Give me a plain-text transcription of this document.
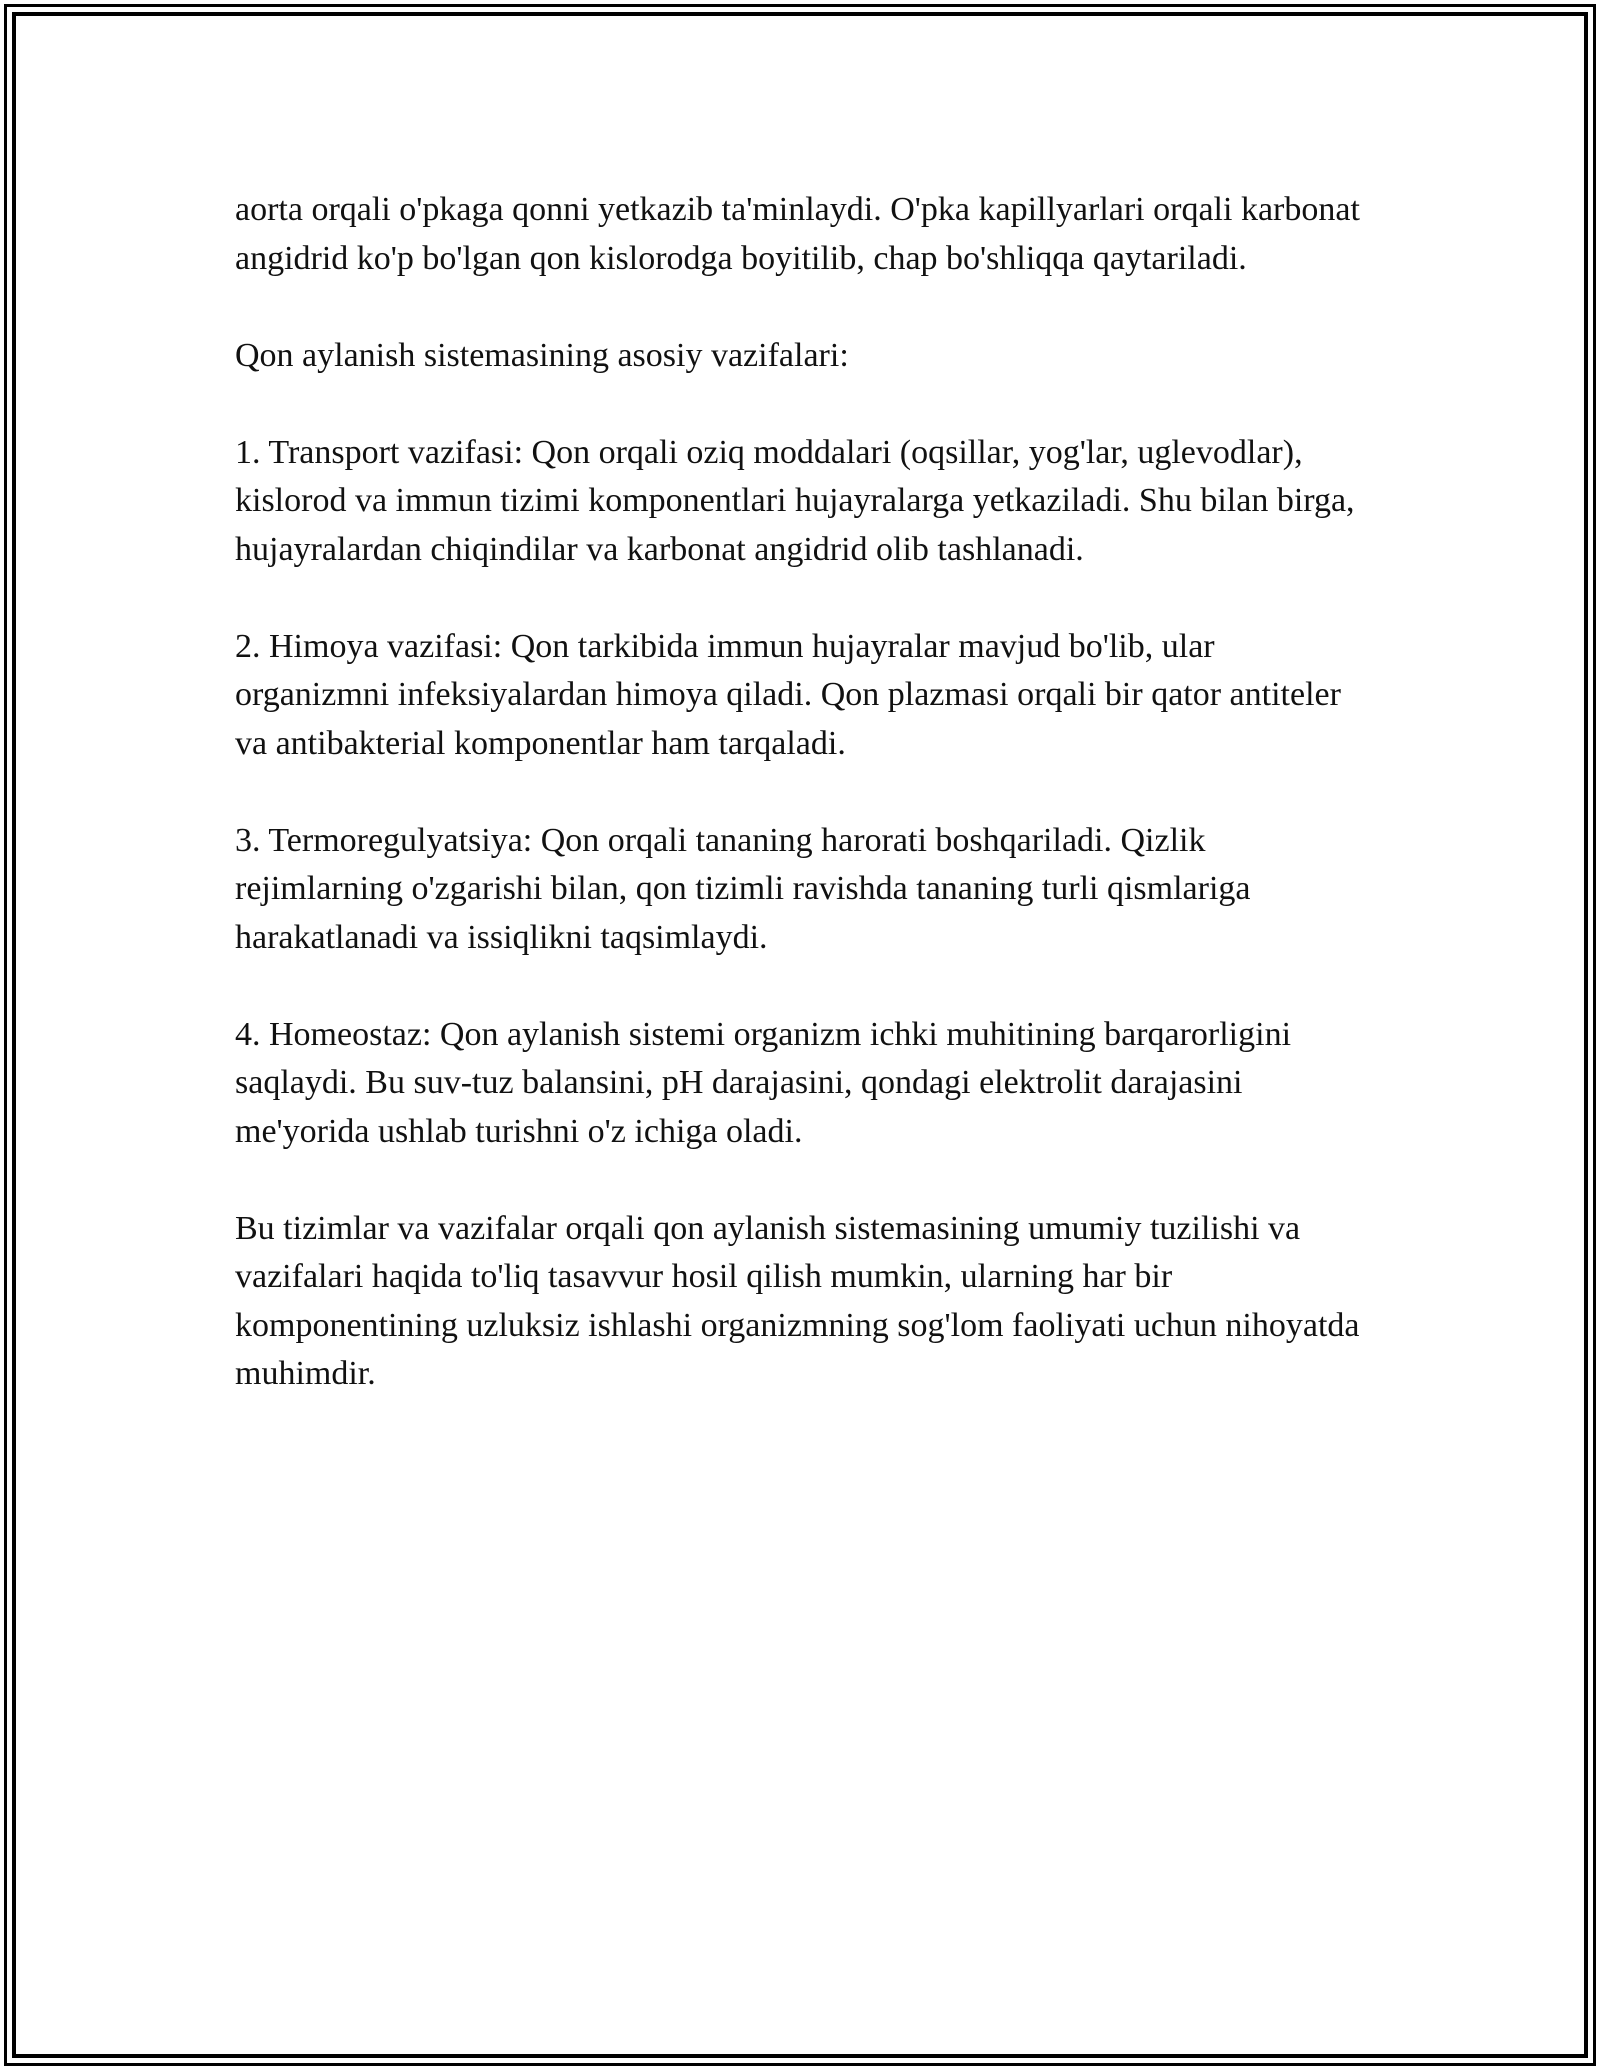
aorta orqali o'pkaga qonni yetkazib ta'minlaydi. O'pka kapillyarlari orqali karbonat angidrid ko'p bo'lgan qon kislorodga boyitilib, chap bo'shliqqa qaytariladi.

Qon aylanish sistemasining asosiy vazifalari:

1. Transport vazifasi: Qon orqali oziq moddalari (oqsillar, yog'lar, uglevodlar), kislorod va immun tizimi komponentlari hujayralarga yetkaziladi. Shu bilan birga, hujayralardan chiqindilar va karbonat angidrid olib tashlanadi.

2. Himoya vazifasi: Qon tarkibida immun hujayralar mavjud bo'lib, ular organizmni infeksiyalardan himoya qiladi. Qon plazmasi orqali bir qator antiteler va antibakterial komponentlar ham tarqaladi.

3. Termoregulyatsiya: Qon orqali tananing harorati boshqariladi. Qizlik rejimlarning o'zgarishi bilan, qon tizimli ravishda tananing turli qismlariga harakatlanadi va issiqlikni taqsimlaydi.

4. Homeostaz: Qon aylanish sistemi organizm ichki muhitining barqarorligini saqlaydi. Bu suv-tuz balansini, pH darajasini, qondagi elektrolit darajasini me'yorida ushlab turishni o'z ichiga oladi.

Bu tizimlar va vazifalar orqali qon aylanish sistemasining umumiy tuzilishi va vazifalari haqida to'liq tasavvur hosil qilish mumkin, ularning har bir komponentining uzluksiz ishlashi organizmning sog'lom faoliyati uchun nihoyatda muhimdir.
